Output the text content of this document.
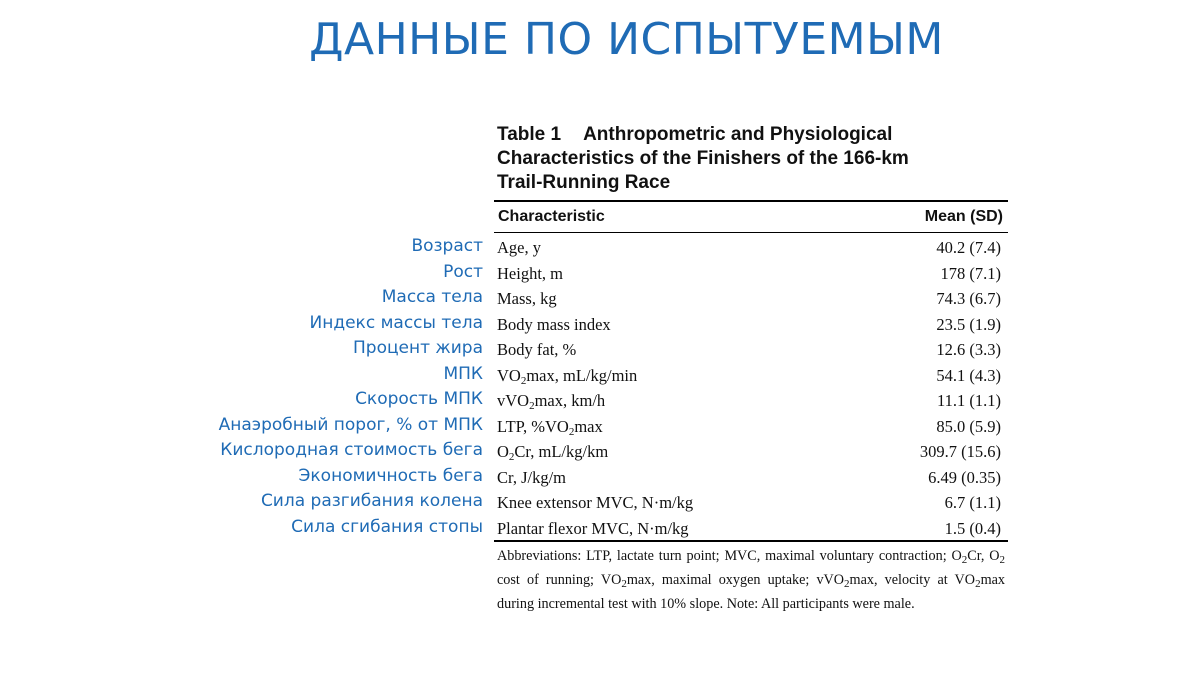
ДАННЫЕ ПО ИСПЫТУЕМЫМ
Table 1 Anthropometric and Physiological
Characteristics of the Finishers of the 166-km
Trail-Running Race
Characteristic	Mean (SD)
Возраст Age, y	40.2 (7.4)
Рост Height, m	178 (7.1)
Масса тела Mass, kg	74.3 (6.7)
Индекс массы тела Body mass index	23.5 (1.9)
Процент жира Body fat, %	12.6 (3.3)
МПК $VO_2\max$, mL/kg/min	54.1 (4.3)
Скорость МПК vVO$_2$max, km/h	11.1 (1.1)
Анаэробный порог, % от МПК LTP, $\%VO_2\max$	85.0 (5.9)
Кислородная стоимость бега $O_2Cr$, mL/kg/km	309.7 (15.6)
Экономичность бега Cr, J/kg/m	6.49 (0.35)
Сила разгибания колена Knee extensor MVC, N·m/kg	6.7 (1.1)
Сила сгибания стопы Plantar flexor MVC, N·m/kg	1.5 (0.4)
Abbreviations: LTP, lactate turn point; MVC, maximal voluntary contraction; $O_2Cr$, $O_2$ cost of running; $VO_2\max$, maximal oxygen uptake; vVO$_2$max, velocity at $VO_2\max$ during incremental test with 10% slope. Note: All participants were male.
